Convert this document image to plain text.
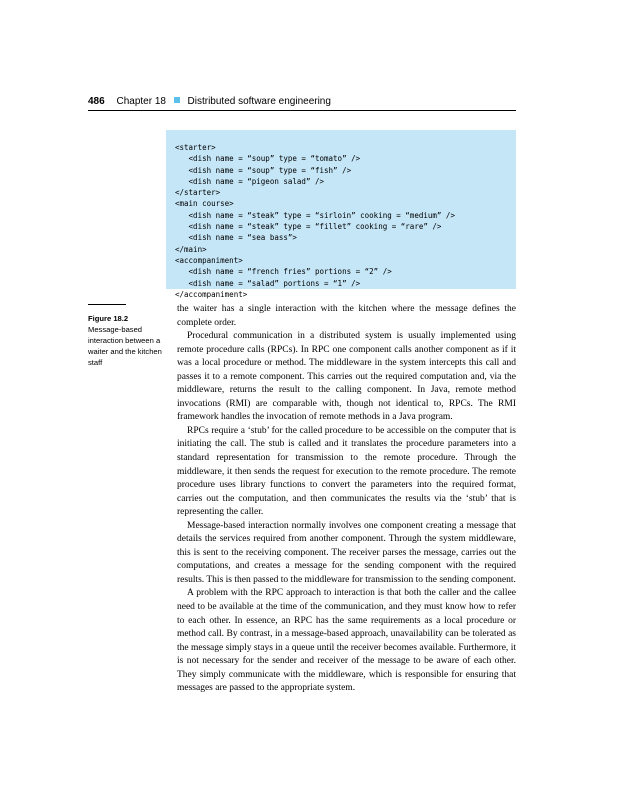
486 Chapter 18 Distributed software engineering
<starter>
<dish name = “soup” type = “tomato” />
<dish name = “soup” type = “fish” />
<dish name = “pigeon salad” />
</starter>
<main course>
<dish name = “steak” type = “sirloin” cooking = “medium” />
<dish name = “steak” type = “fillet” cooking = “rare” />
<dish name = “sea bass”>
</main>
<accompaniment>
<dish name = “french fries” portions = “2” />
<dish name = “salad” portions = “1” />
</accompaniment>
Figure 18.2
Message-based interaction between a waiter and the kitchen staff

the waiter has a single interaction with the kitchen where the message defines the complete order.

Procedural communication in a distributed system is usually implemented using remote procedure calls (RPCs). In RPC one component calls another component as if it was a local procedure or method. The middleware in the system intercepts this call and passes it to a remote component. This carries out the required computation and, via the middleware, returns the result to the calling component. In Java, remote method invocations (RMI) are comparable with, though not identical to, RPCs. The RMI framework handles the invocation of remote methods in a Java program.

RPCs require a ‘stub’ for the called procedure to be accessible on the computer that is initiating the call. The stub is called and it translates the procedure parameters into a standard representation for transmission to the remote procedure. Through the middleware, it then sends the request for execution to the remote procedure. The remote procedure uses library functions to convert the parameters into the required format, carries out the computation, and then communicates the results via the ‘stub’ that is representing the caller.

Message-based interaction normally involves one component creating a message that details the services required from another component. Through the system middleware, this is sent to the receiving component. The receiver parses the message, carries out the computations, and creates a message for the sending component with the required results. This is then passed to the middleware for transmission to the sending component.

A problem with the RPC approach to interaction is that both the caller and the callee need to be available at the time of the communication, and they must know how to refer to each other. In essence, an RPC has the same requirements as a local procedure or method call. By contrast, in a message-based approach, unavailability can be tolerated as the message simply stays in a queue until the receiver becomes available. Furthermore, it is not necessary for the sender and receiver of the message to be aware of each other. They simply communicate with the middleware, which is responsible for ensuring that messages are passed to the appropriate system.
